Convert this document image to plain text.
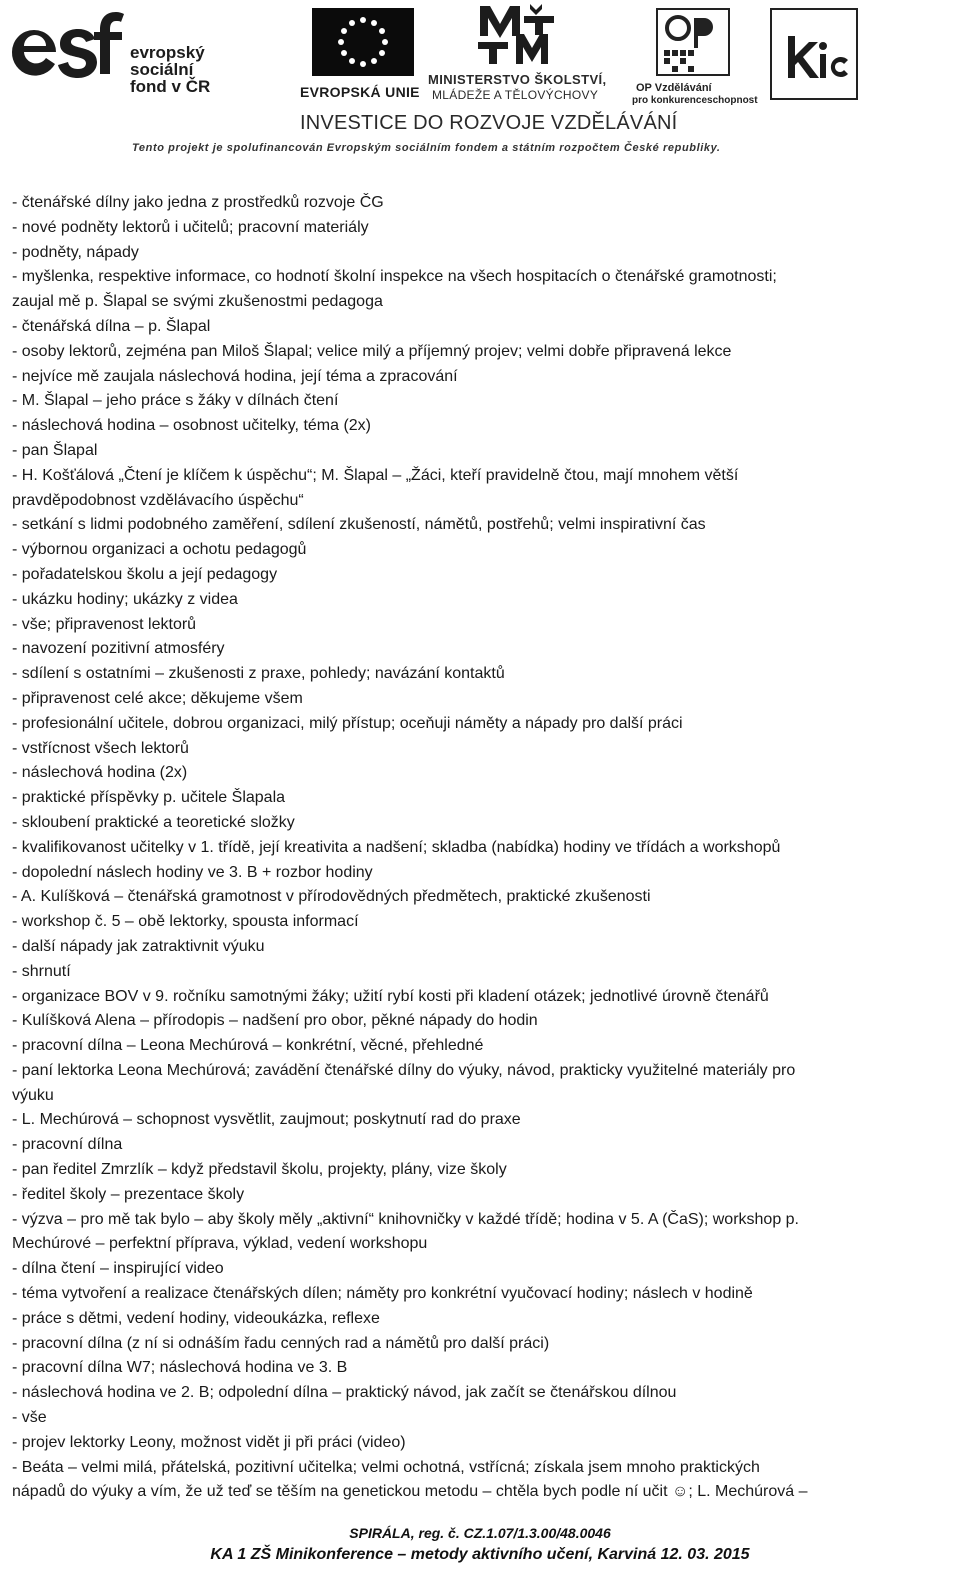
evropský
sociální
fond v ČR	EVROPSKÁ UNIE
MINISTERSTVO ŠKOLSTVÍ,
MLÁDEŽE A TĚLOVÝCHOVY	OP Vzdělávání
pro konkurenceschopnost
INVESTICE DO ROZVOJE VZDĚLÁVÁNÍ
Tento projekt je spolufinancován Evropským sociálním fondem a státním rozpočtem České republiky.
- čtenářské dílny jako jedna z prostředků rozvoje ČG
- nové podněty lektorů i učitelů; pracovní materiály
- podněty, nápady
- myšlenka, respektive informace, co hodnotí školní inspekce na všech hospitacích o čtenářské gramotnosti;
zaujal mě p. Šlapal se svými zkušenostmi pedagoga
- čtenářská dílna – p. Šlapal
- osoby lektorů, zejména pan Miloš Šlapal; velice milý a příjemný projev; velmi dobře připravená lekce
- nejvíce mě zaujala náslechová hodina, její téma a zpracování
- M. Šlapal – jeho práce s žáky v dílnách čtení
- náslechová hodina – osobnost učitelky, téma (2x)
- pan Šlapal
- H. Košťálová „Čtení je klíčem k úspěchu“; M. Šlapal – „Žáci, kteří pravidelně čtou, mají mnohem větší
pravděpodobnost vzdělávacího úspěchu“
- setkání s lidmi podobného zaměření, sdílení zkušeností, námětů, postřehů; velmi inspirativní čas
- výbornou organizaci a ochotu pedagogů
- pořadatelskou školu a její pedagogy
- ukázku hodiny; ukázky z videa
- vše; připravenost lektorů
- navození pozitivní atmosféry
- sdílení s ostatními – zkušenosti z praxe, pohledy; navázání kontaktů
- připravenost celé akce; děkujeme všem
- profesionální učitele, dobrou organizaci, milý přístup; oceňuji náměty a nápady pro další práci
- vstřícnost všech lektorů
- náslechová hodina (2x)
- praktické příspěvky p. učitele Šlapala
- skloubení praktické a teoretické složky
- kvalifikovanost učitelky v 1. třídě, její kreativita a nadšení; skladba (nabídka) hodiny ve třídách a workshopů
- dopolední náslech hodiny ve 3. B + rozbor hodiny
- A. Kulíšková – čtenářská gramotnost v přírodovědných předmětech, praktické zkušenosti
- workshop č. 5 – obě lektorky, spousta informací
- další nápady jak zatraktivnit výuku
- shrnutí
- organizace BOV v 9. ročníku samotnými žáky; užití rybí kosti při kladení otázek; jednotlivé úrovně čtenářů
- Kulíšková Alena – přírodopis – nadšení pro obor, pěkné nápady do hodin
- pracovní dílna – Leona Mechúrová – konkrétní, věcné, přehledné
- paní lektorka Leona Mechúrová; zavádění čtenářské dílny do výuky, návod, prakticky využitelné materiály pro
výuku
- L. Mechúrová – schopnost vysvětlit, zaujmout; poskytnutí rad do praxe
- pracovní dílna
- pan ředitel Zmrzlík – když představil školu, projekty, plány, vize školy
- ředitel školy – prezentace školy
- výzva – pro mě tak bylo – aby školy měly „aktivní“ knihovničky v každé třídě; hodina v 5. A (ČaS); workshop p.
Mechúrové – perfektní příprava, výklad, vedení workshopu
- dílna čtení – inspirující video
- téma vytvoření a realizace čtenářských dílen; náměty pro konkrétní vyučovací hodiny; náslech v hodině
- práce s dětmi, vedení hodiny, videoukázka, reflexe
- pracovní dílna (z ní si odnáším řadu cenných rad a námětů pro další práci)
- pracovní dílna W7; náslechová hodina ve 3. B
- náslechová hodina ve 2. B; odpolední dílna – praktický návod, jak začít se čtenářskou dílnou
- vše
- projev lektorky Leony, možnost vidět ji při práci (video)
- Beáta – velmi milá, přátelská, pozitivní učitelka; velmi ochotná, vstřícná; získala jsem mnoho praktických
nápadů do výuky a vím, že už teď se těším na genetickou metodu – chtěla bych podle ní učit ☺; L. Mechúrová –
SPIRÁLA, reg. č. CZ.1.07/1.3.00/48.0046
KA 1 ZŠ Minikonference – metody aktivního učení, Karviná 12. 03. 2015
